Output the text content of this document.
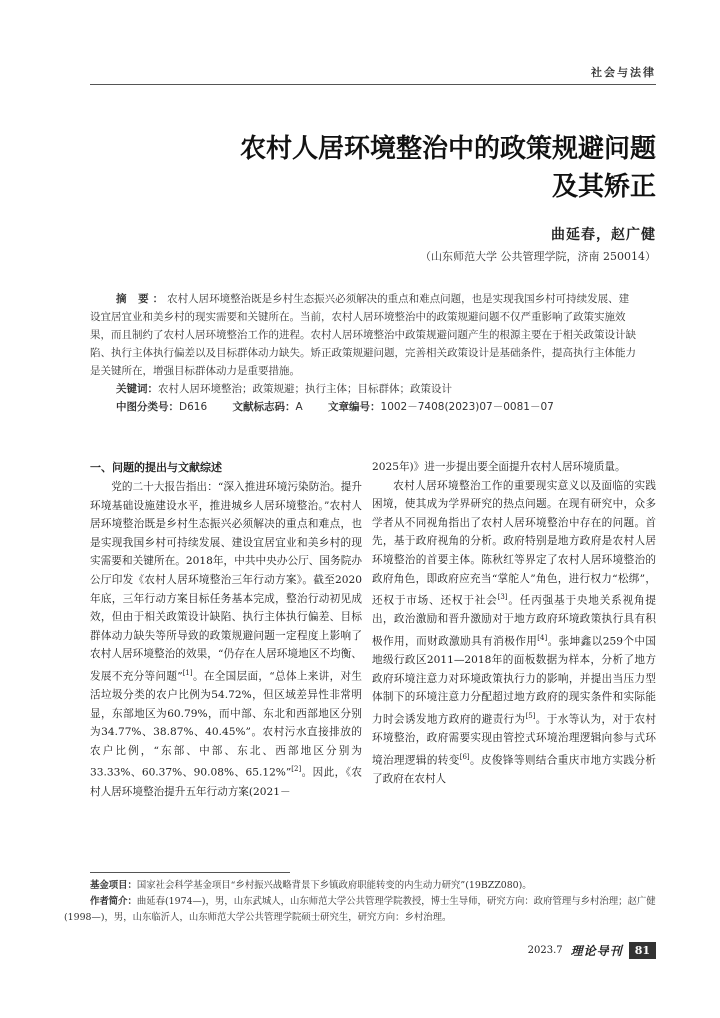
社会与法律
农村人居环境整治中的政策规避问题
及其矫正
曲延春，赵广健
（山东师范大学 公共管理学院，济南 250014）
摘 要：农村人居环境整治既是乡村生态振兴必须解决的重点和难点问题，也是实现我国乡村可持续发展、建设宜居宜业和美乡村的现实需要和关键所在。当前，农村人居环境整治中的政策规避问题不仅严重影响了政策实施效果，而且制约了农村人居环境整治工作的进程。农村人居环境整治中政策规避问题产生的根源主要在于相关政策设计缺陷、执行主体执行偏差以及目标群体动力缺失。矫正政策规避问题，完善相关政策设计是基础条件，提高执行主体能力是关键所在，增强目标群体动力是重要措施。
关键词：农村人居环境整治；政策规避；执行主体；目标群体；政策设计
中图分类号：D616 文献标志码：A 文章编号：1002－7408(2023)07－0081－07
一、问题的提出与文献综述

党的二十大报告指出：“深入推进环境污染防治。提升环境基础设施建设水平，推进城乡人居环境整治。”农村人居环境整治既是乡村生态振兴必须解决的重点和难点，也是实现我国乡村可持续发展、建设宜居宜业和美乡村的现实需要和关键所在。2018年，中共中央办公厅、国务院办公厅印发《农村人居环境整治三年行动方案》。截至2020年底，三年行动方案目标任务基本完成，整治行动初见成效，但由于相关政策设计缺陷、执行主体执行偏差、目标群体动力缺失等所导致的政策规避问题一定程度上影响了农村人居环境整治的效果，“仍存在人居环境地区不均衡、发展不充分等问题”[1]。在全国层面，“总体上来讲，对生活垃圾分类的农户比例为54.72%，但区域差异性非常明显，东部地区为60.79%，而中部、东北和西部地区分别为34.77%、38.87%、40.45%”。农村污水直接排放的农户比例，“东部、中部、东北、西部地区分别为33.33%、60.37%、90.08%、65.12%”[2]。因此，《农村人居环境整治提升五年行动方案(2021－

2025年)》进一步提出要全面提升农村人居环境质量。

农村人居环境整治工作的重要现实意义以及面临的实践困境，使其成为学界研究的热点问题。在现有研究中，众多学者从不同视角指出了农村人居环境整治中存在的问题。首先，基于政府视角的分析。政府特别是地方政府是农村人居环境整治的首要主体。陈秋红等界定了农村人居环境整治的政府角色，即政府应充当“掌舵人”角色，进行权力“松绑”，还权于市场、还权于社会[3]。任丙强基于央地关系视角提出，政治激励和晋升激励对于地方政府环境政策执行具有积极作用，而财政激励具有消极作用[4]。张坤鑫以259个中国地级行政区2011—2018年的面板数据为样本，分析了地方政府环境注意力对环境政策执行力的影响，并提出当压力型体制下的环境注意力分配超过地方政府的现实条件和实际能力时会诱发地方政府的避责行为[5]。于水等认为，对于农村环境整治，政府需要实现由管控式环境治理逻辑向参与式环境治理逻辑的转变[6]。皮俊锋等则结合重庆市地方实践分析了政府在农村人

基金项目：国家社会科学基金项目“乡村振兴战略背景下乡镇政府职能转变的内生动力研究”(19BZZ080)。
作者简介：曲延春(1974—)，男，山东武城人，山东师范大学公共管理学院教授，博士生导师，研究方向：政府管理与乡村治理；赵广健(1998—)，男，山东临沂人，山东师范大学公共管理学院硕士研究生，研究方向：乡村治理。
2023.7 理论导刊	81
